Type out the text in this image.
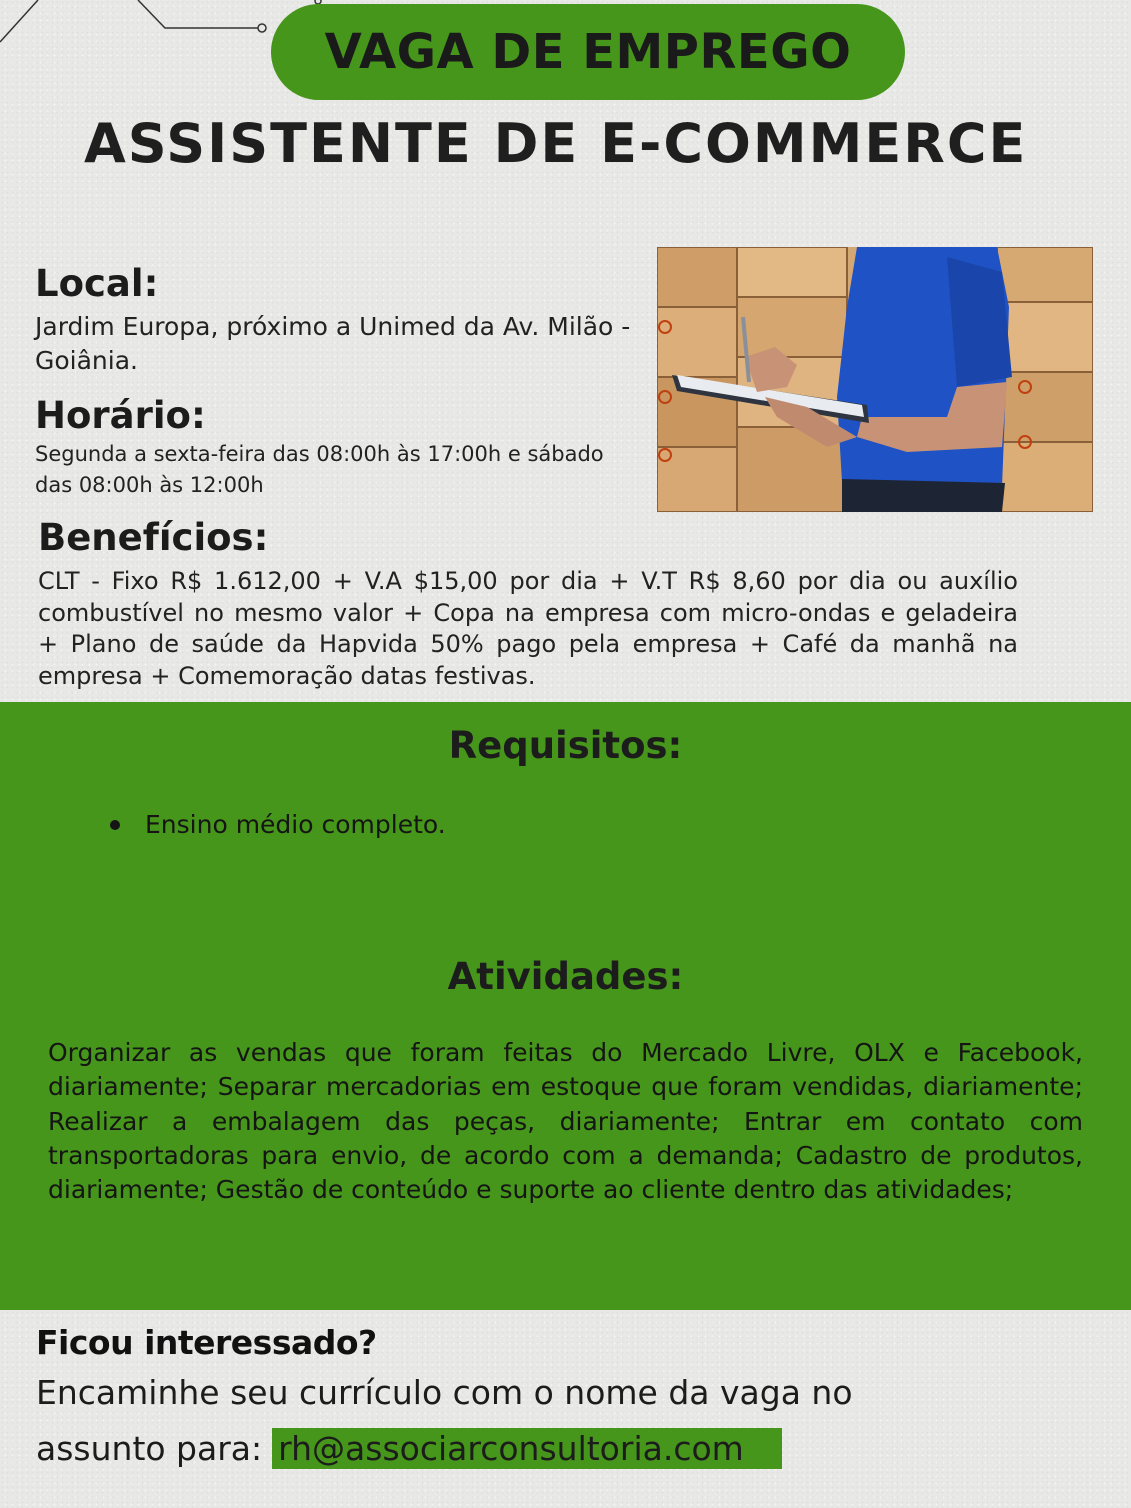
VAGA DE EMPREGO
ASSISTENTE DE E-COMMERCE
Local:
Jardim Europa, próximo a Unimed da Av. Milão - Goiânia.
Horário:
Segunda a sexta-feira das 08:00h às 17:00h e sábado das 08:00h às 12:00h
Benefícios:
CLT - Fixo R$ 1.612,00 + V.A $15,00 por dia + V.T R$ 8,60 por dia ou auxílio combustível no mesmo valor + Copa na empresa com micro-ondas e geladeira + Plano de saúde da Hapvida 50% pago pela empresa + Café da manhã na empresa + Comemoração datas festivas.
Requisitos:
Ensino médio completo.
Atividades:
Organizar as vendas que foram feitas do Mercado Livre, OLX e Facebook, diariamente; Separar mercadorias em estoque que foram vendidas, diariamente; Realizar a embalagem das peças, diariamente; Entrar em contato com transportadoras para envio, de acordo com a demanda; Cadastro de produtos, diariamente; Gestão de conteúdo e suporte ao cliente dentro das atividades;
Ficou interessado?
Encaminhe seu currículo com o nome da vaga no
assunto para: rh@associarconsultoria.com
